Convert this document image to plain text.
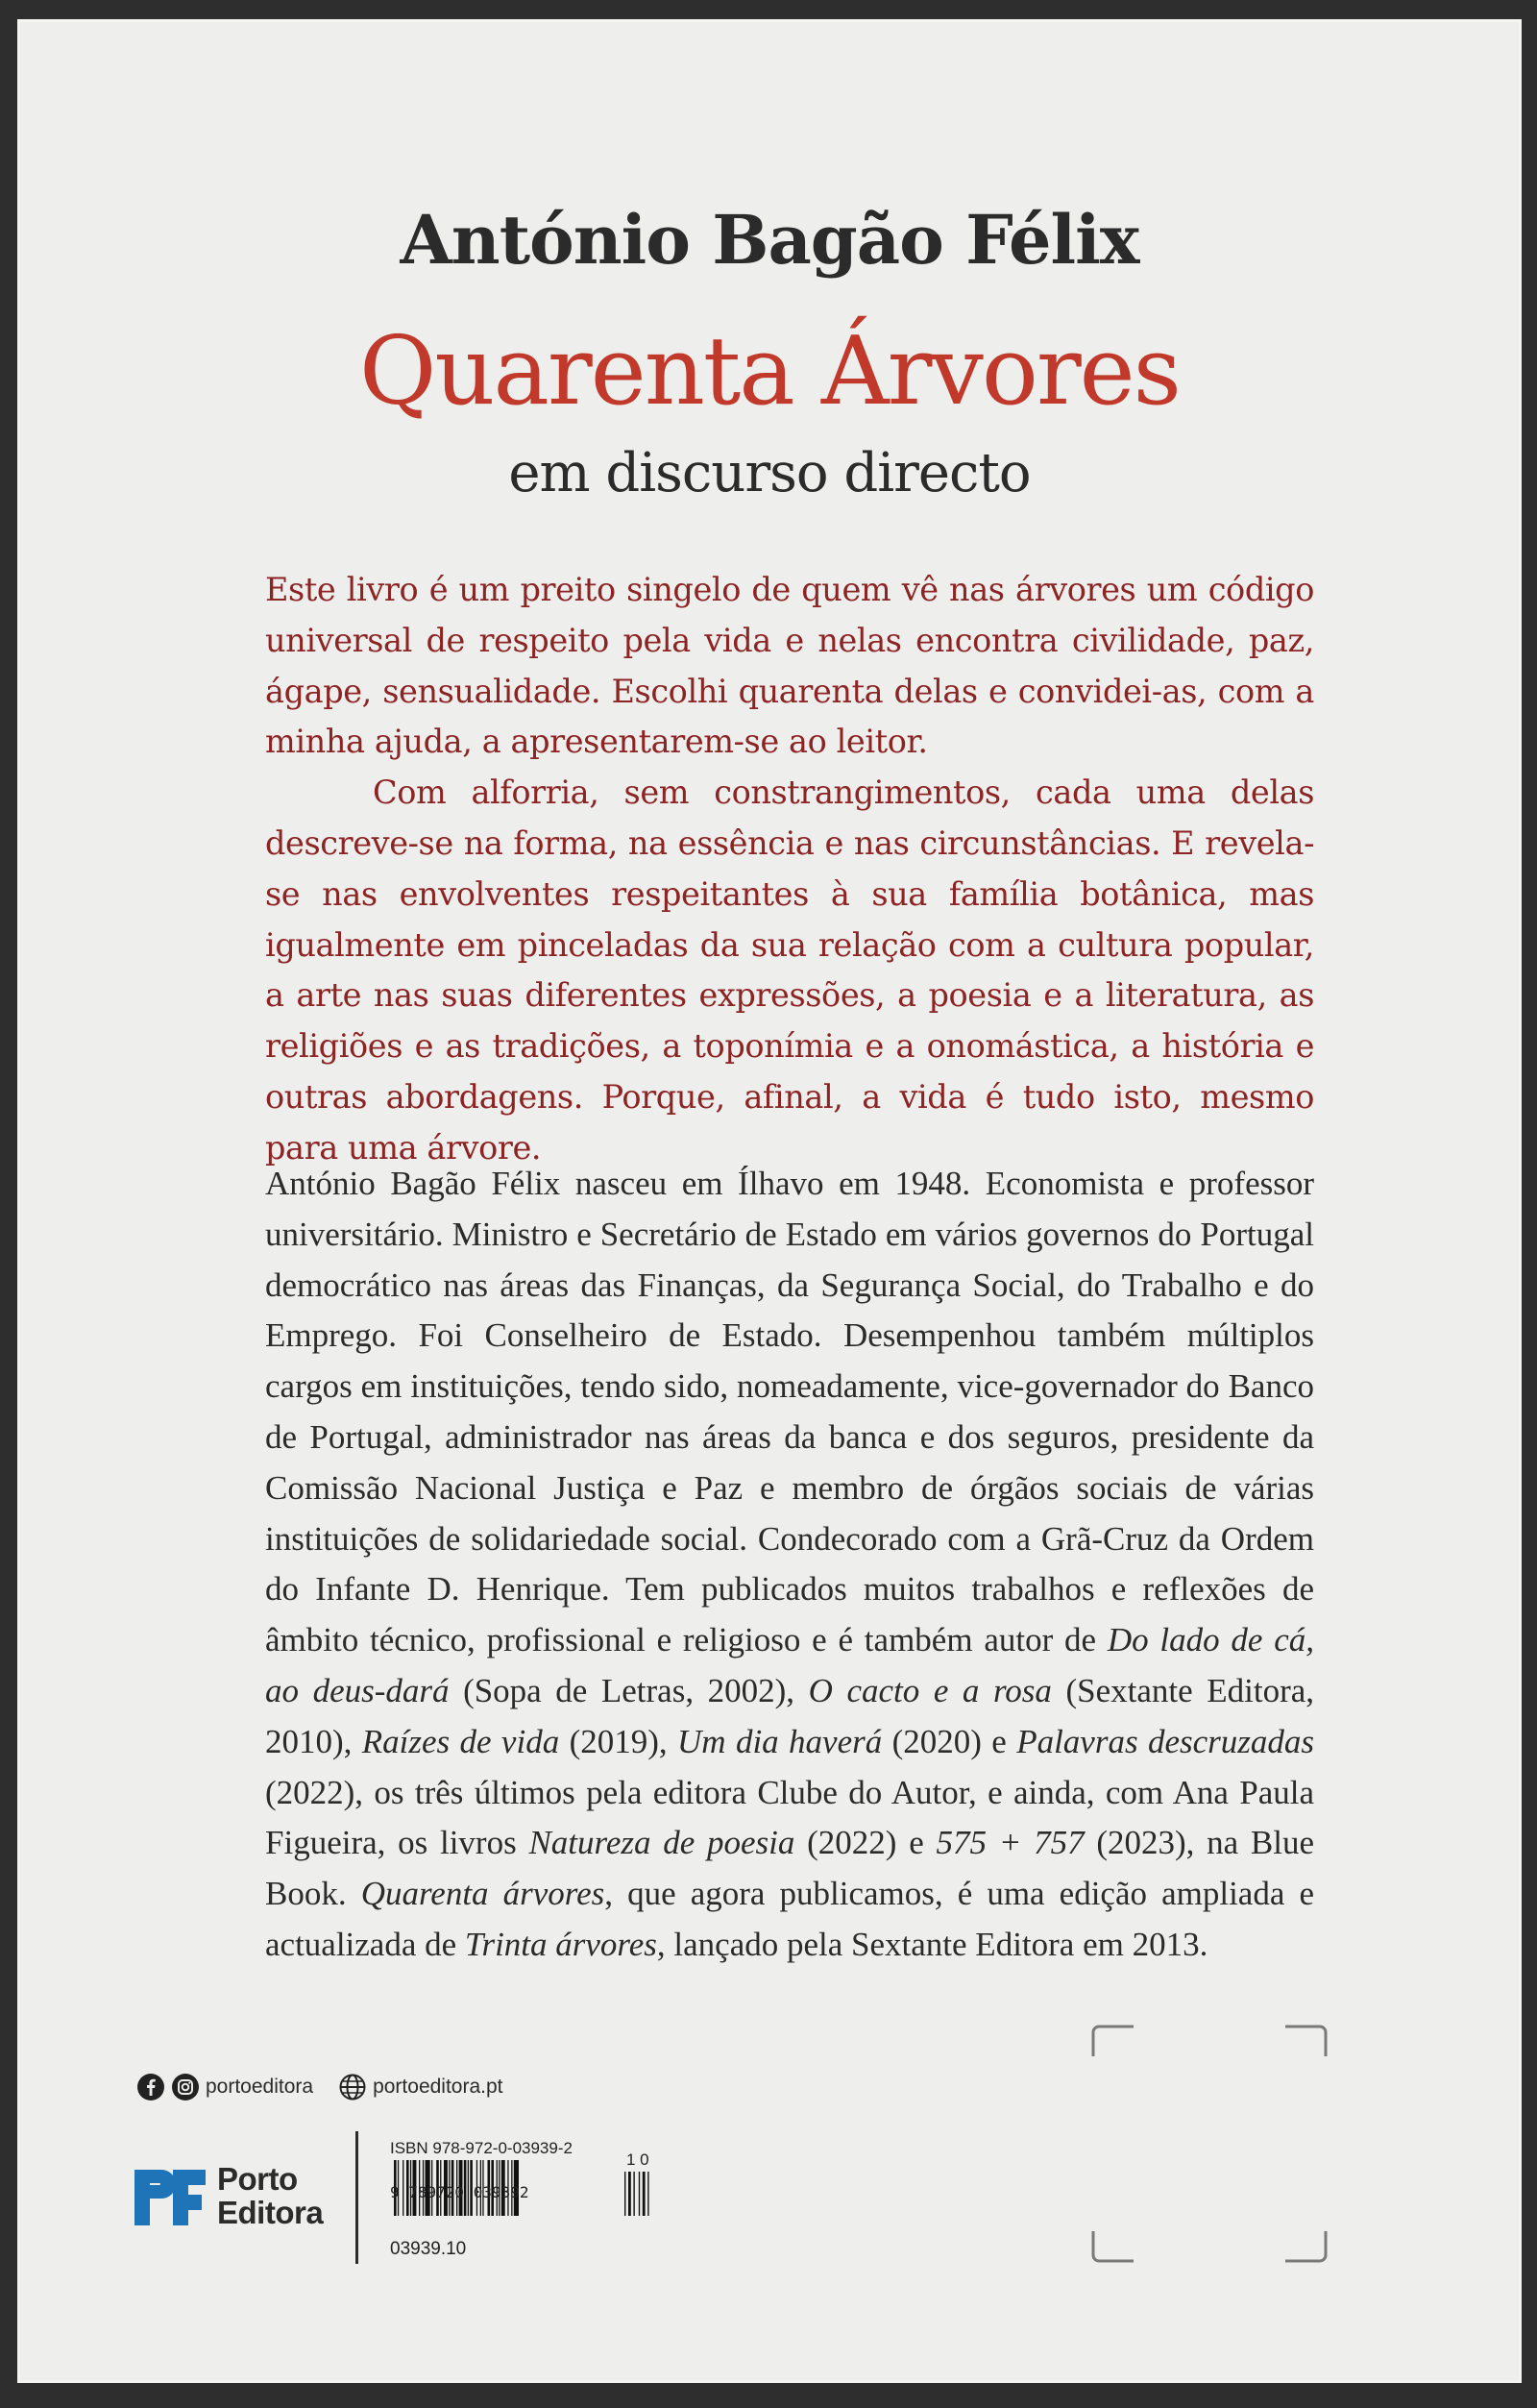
António Bagão Félix
Quarenta Árvores
em discurso directo

Este livro é um preito singelo de quem vê nas árvores um código universal de respeito pela vida e nelas encontra civilidade, paz, ágape, sensualidade. Escolhi quarenta delas e convidei-as, com a minha ajuda, a apresentarem-se ao leitor.

Com alforria, sem constrangimentos, cada uma delas descreve-se na forma, na essência e nas circunstâncias. E revela-se nas envolventes respeitantes à sua família botânica, mas igualmente em pinceladas da sua relação com a cultura popular, a arte nas suas diferentes expressões, a poesia e a literatura, as religiões e as tradições, a toponímia e a onomástica, a história e outras abordagens. Porque, afinal, a vida é tudo isto, mesmo para uma árvore.

António Bagão Félix nasceu em Ílhavo em 1948. Economista e professor universitário. Ministro e Secretário de Estado em vários governos do Portugal democrático nas áreas das Finanças, da Segurança Social, do Trabalho e do Emprego. Foi Conselheiro de Estado. Desempenhou também múltiplos cargos em instituições, tendo sido, nomeadamente, vice-governador do Banco de Portugal, administrador nas áreas da banca e dos seguros, presidente da Comissão Nacional Justiça e Paz e membro de órgãos sociais de várias instituições de solidariedade social. Condecorado com a Grã-Cruz da Ordem do Infante D. Henrique. Tem publicados muitos trabalhos e reflexões de âmbito técnico, profissional e religioso e é também autor de Do lado de cá, ao deus-dará (Sopa de Letras, 2002), O cacto e a rosa (Sextante Editora, 2010), Raízes de vida (2019), Um dia haverá (2020) e Palavras descruzadas (2022), os três últimos pela editora Clube do Autor, e ainda, com Ana Paula Figueira, os livros Natureza de poesia (2022) e 575 + 757 (2023), na Blue Book. Quarenta árvores, que agora publicamos, é uma edição ampliada e actualizada de Trinta árvores, lançado pela Sextante Editora em 2013.

portoeditora	portoeditora.pt
Porto
Editora
ISBN 978-972-0-03939-2
1 0
9 789720 039392
03939.10
